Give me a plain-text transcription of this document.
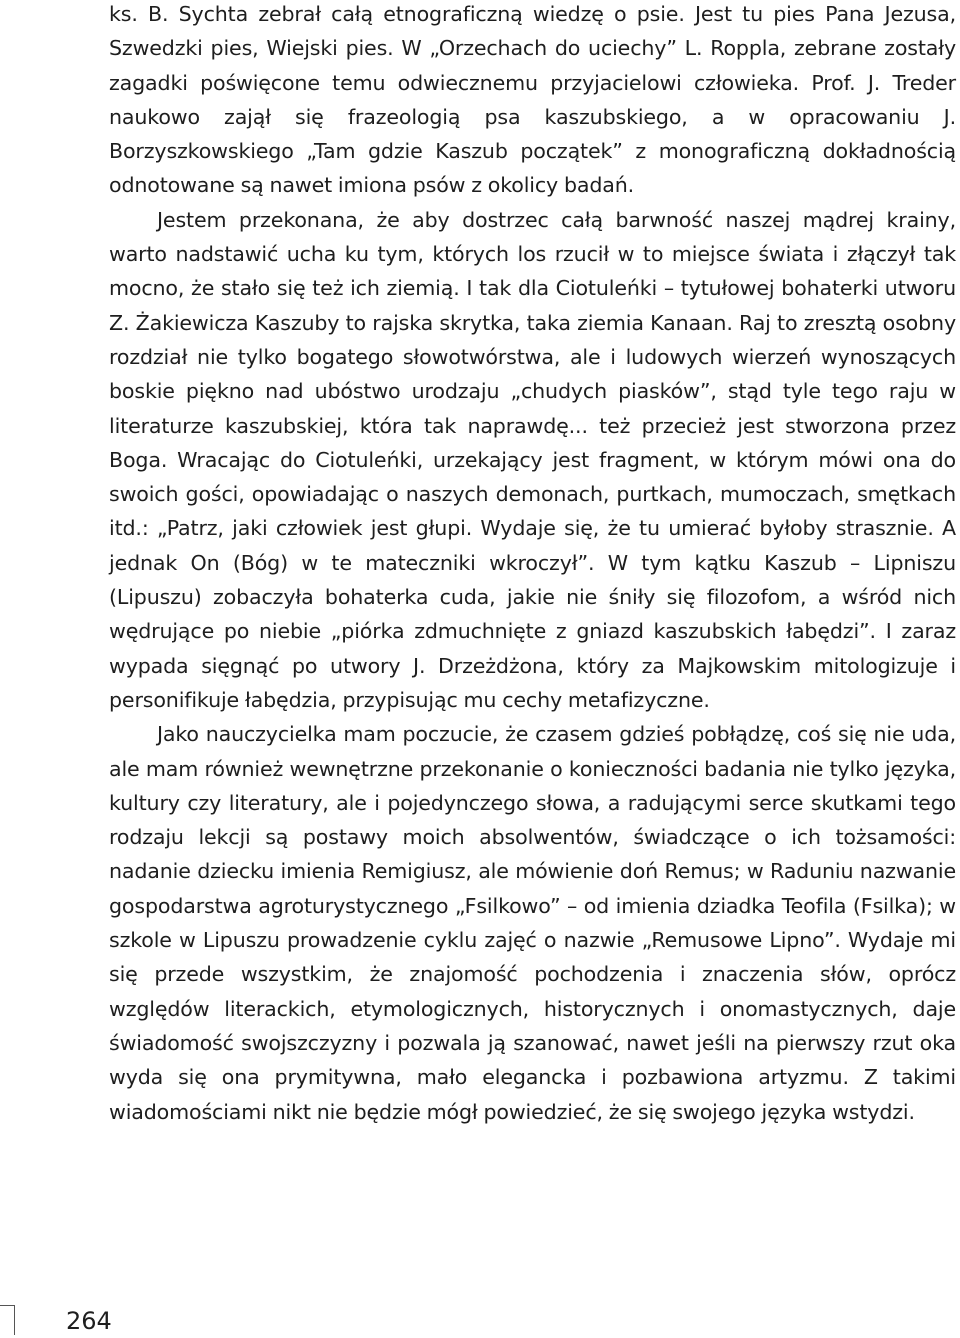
ks. B. Sychta zebrał całą etnograficzną wiedzę o psie. Jest tu pies Pana Jezusa, Szwedzki pies, Wiejski pies. W „Orzechach do uciechy” L. Roppla, zebrane zostały zagadki poświęcone temu odwiecznemu przyjacielowi człowieka. Prof. J. Treder naukowo zajął się frazeologią psa kaszubskiego, a w opracowaniu J. Borzyszkowskiego „Tam gdzie Kaszub początek” z monograficzną dokładnością odnotowane są nawet imiona psów z okolicy badań.

Jestem przekonana, że aby dostrzec całą barwność naszej mądrej krainy, warto nadstawić ucha ku tym, których los rzucił w to miejsce świata i złączył tak mocno, że stało się też ich ziemią. I tak dla Ciotuleńki – tytułowej bohaterki utworu Z. Żakiewicza Kaszuby to rajska skrytka, taka ziemia Kanaan. Raj to zresztą osobny rozdział nie tylko bogatego słowotwórstwa, ale i ludowych wierzeń wynoszących boskie piękno nad ubóstwo urodzaju „chudych piasków”, stąd tyle tego raju w literaturze kaszubskiej, która tak naprawdę... też przecież jest stworzona przez Boga. Wracając do Ciotuleńki, urzekający jest fragment, w którym mówi ona do swoich gości, opowiadając o naszych demonach, purtkach, mumoczach, smętkach itd.: „Patrz, jaki człowiek jest głupi. Wydaje się, że tu umierać byłoby strasznie. A jednak On (Bóg) w te mateczniki wkroczył”. W tym kątku Kaszub – Lipniszu (Lipuszu) zobaczyła bohaterka cuda, jakie nie śniły się filozofom, a wśród nich wędrujące po niebie „piórka zdmuchnięte z gniazd kaszubskich łabędzi”. I zaraz wypada sięgnąć po utwory J. Drzeżdżona, który za Majkowskim mitologizuje i personifikuje łabędzia, przypisując mu cechy metafizyczne.

Jako nauczycielka mam poczucie, że czasem gdzieś pobłądzę, coś się nie uda, ale mam również wewnętrzne przekonanie o konieczności badania nie tylko języka, kultury czy literatury, ale i pojedynczego słowa, a radującymi serce skutkami tego rodzaju lekcji są postawy moich absolwentów, świadczące o ich tożsamości: nadanie dziecku imienia Remigiusz, ale mówienie doń Remus; w Raduniu nazwanie gospodarstwa agroturystycznego „Fsilkowo” – od imienia dziadka Teofila (Fsilka); w szkole w Lipuszu prowadzenie cyklu zajęć o nazwie „Remusowe Lipno”. Wydaje mi się przede wszystkim, że znajomość pochodzenia i znaczenia słów, oprócz względów literackich, etymologicznych, historycznych i onomastycznych, daje świadomość swojszczyzny i pozwala ją szanować, nawet jeśli na pierwszy rzut oka wyda się ona prymitywna, mało elegancka i pozbawiona artyzmu. Z takimi wiadomościami nikt nie będzie mógł powiedzieć, że się swojego języka wstydzi.

264
